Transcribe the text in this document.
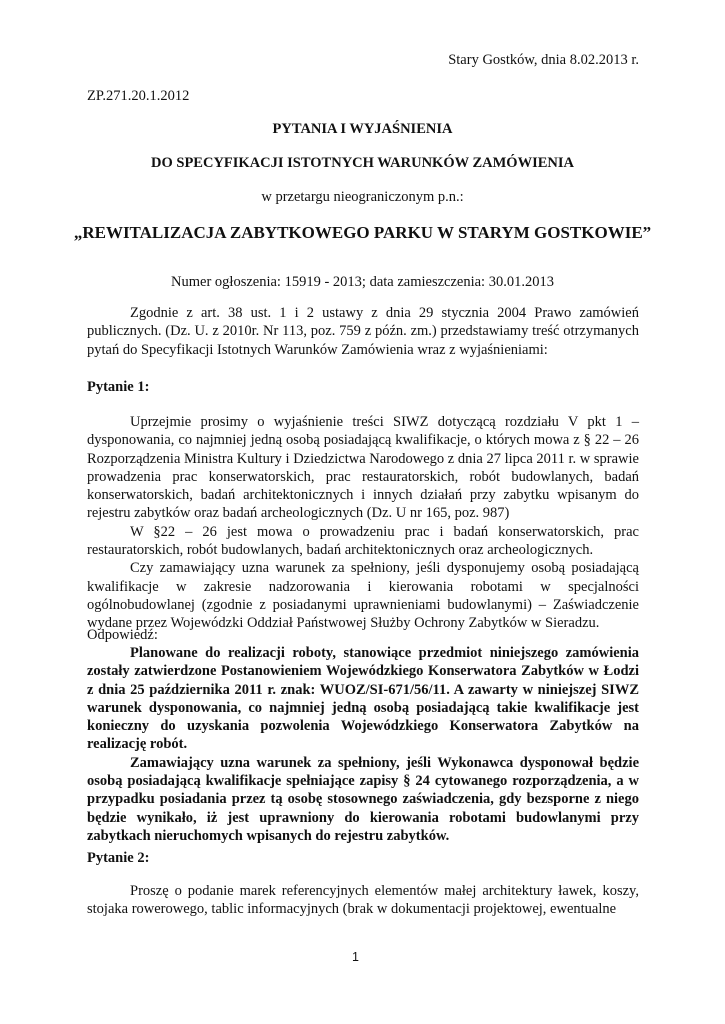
Stary Gostków, dnia 8.02.2013 r.
ZP.271.20.1.2012
PYTANIA I WYJAŚNIENIA
DO SPECYFIKACJI ISTOTNYCH WARUNKÓW ZAMÓWIENIA
w przetargu nieograniczonym p.n.:
„REWITALIZACJA ZABYTKOWEGO PARKU W STARYM GOSTKOWIE”
Numer ogłoszenia: 15919 - 2013; data zamieszczenia: 30.01.2013

Zgodnie z art. 38 ust. 1 i 2 ustawy z dnia 29 stycznia 2004 Prawo zamówień publicznych. (Dz. U. z 2010r. Nr 113, poz. 759 z późn. zm.) przedstawiamy treść otrzymanych pytań do Specyfikacji Istotnych Warunków Zamówienia wraz z wyjaśnieniami:

Pytanie 1:

Uprzejmie prosimy o wyjaśnienie treści SIWZ dotyczącą rozdziału V pkt 1 – dysponowania, co najmniej jedną osobą posiadającą kwalifikacje, o których mowa z § 22 – 26 Rozporządzenia Ministra Kultury i Dziedzictwa Narodowego z dnia 27 lipca 2011 r. w sprawie prowadzenia prac konserwatorskich, prac restauratorskich, robót budowlanych, badań konserwatorskich, badań architektonicznych i innych działań przy zabytku wpisanym do rejestru zabytków oraz badań archeologicznych (Dz. U nr 165, poz. 987)

W §22 – 26 jest mowa o prowadzeniu prac i badań konserwatorskich, prac restauratorskich, robót budowlanych, badań architektonicznych oraz archeologicznych.

Czy zamawiający uzna warunek za spełniony, jeśli dysponujemy osobą posiadającą kwalifikacje w zakresie nadzorowania i kierowania robotami w specjalności ogólnobudowlanej (zgodnie z posiadanymi uprawnieniami budowlanymi) – Zaświadczenie wydane przez Wojewódzki Oddział Państwowej Służby Ochrony Zabytków w Sieradzu.

Odpowiedź:

Planowane do realizacji roboty, stanowiące przedmiot niniejszego zamówienia zostały zatwierdzone Postanowieniem Wojewódzkiego Konserwatora Zabytków w Łodzi z dnia 25 października 2011 r. znak: WUOZ/SI-671/56/11. A zawarty w niniejszej SIWZ warunek dysponowania, co najmniej jedną osobą posiadającą takie kwalifikacje jest konieczny do uzyskania pozwolenia Wojewódzkiego Konserwatora Zabytków na realizację robót.

Zamawiający uzna warunek za spełniony, jeśli Wykonawca dysponował będzie osobą posiadającą kwalifikacje spełniające zapisy § 24 cytowanego rozporządzenia, a w przypadku posiadania przez tą osobę stosownego zaświadczenia, gdy bezsporne z niego będzie wynikało, iż jest uprawniony do kierowania robotami budowlanymi przy zabytkach nieruchomych wpisanych do rejestru zabytków.

Pytanie 2:

Proszę o podanie marek referencyjnych elementów małej architektury ławek, koszy, stojaka rowerowego, tablic informacyjnych (brak w dokumentacji projektowej, ewentualne

1
